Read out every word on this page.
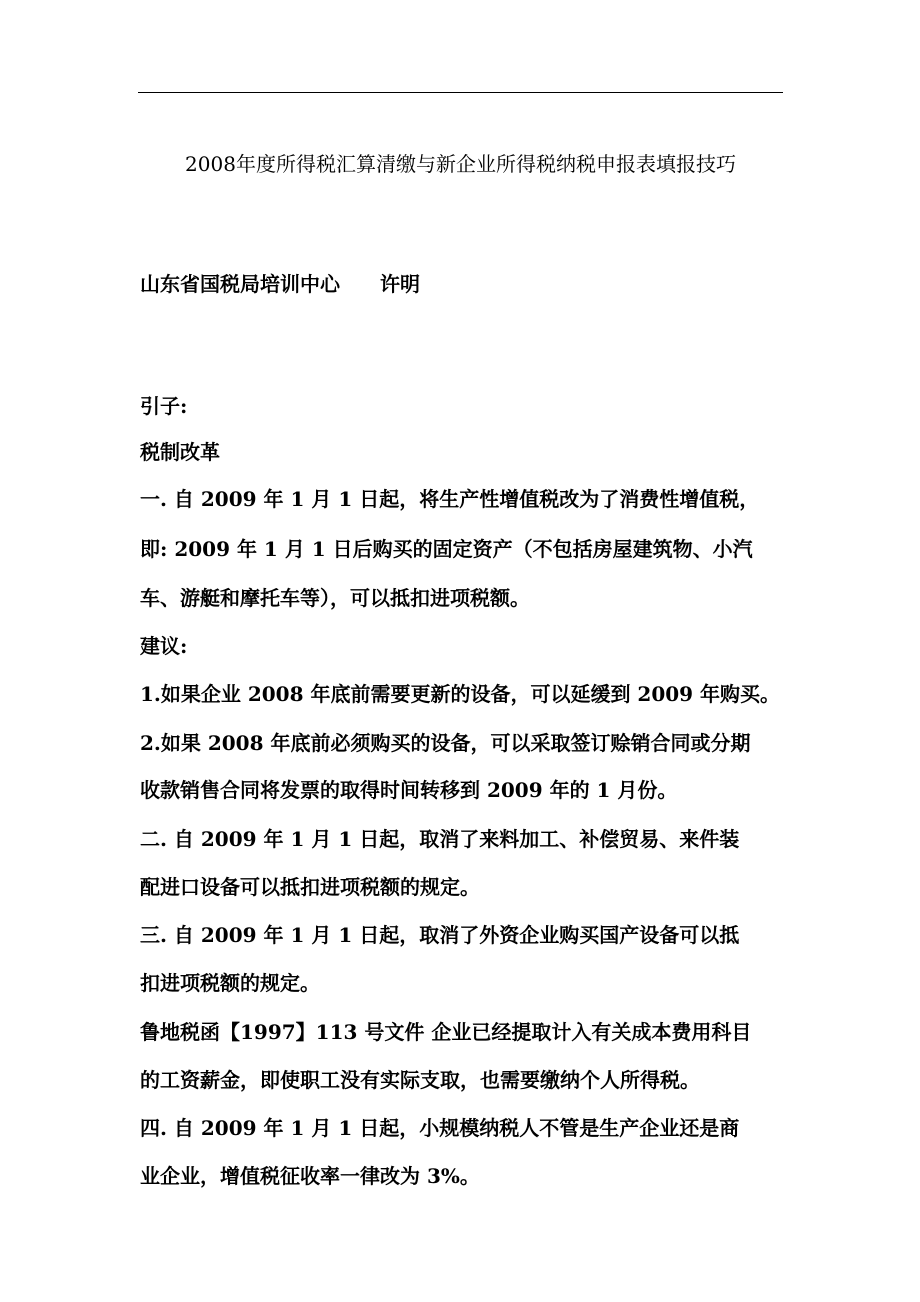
2008年度所得税汇算清缴与新企业所得税纳税申报表填报技巧
山东省国税局培训中心 许明
引子:
税制改革
一. 自 2009 年 1 月 1 日起，将生产性增值税改为了消费性增值税，
即: 2009 年 1 月 1 日后购买的固定资产（不包括房屋建筑物、小汽
车、游艇和摩托车等），可以抵扣进项税额。
建议:
1.如果企业 2008 年底前需要更新的设备，可以延缓到 2009 年购买。
2.如果 2008 年底前必须购买的设备，可以采取签订赊销合同或分期
收款销售合同将发票的取得时间转移到 2009 年的 1 月份。
二. 自 2009 年 1 月 1 日起，取消了来料加工、补偿贸易、来件装
配进口设备可以抵扣进项税额的规定。
三. 自 2009 年 1 月 1 日起，取消了外资企业购买国产设备可以抵
扣进项税额的规定。
鲁地税函【1997】113 号文件 企业已经提取计入有关成本费用科目
的工资薪金，即使职工没有实际支取，也需要缴纳个人所得税。
四. 自 2009 年 1 月 1 日起，小规模纳税人不管是生产企业还是商
业企业，增值税征收率一律改为 3%。
